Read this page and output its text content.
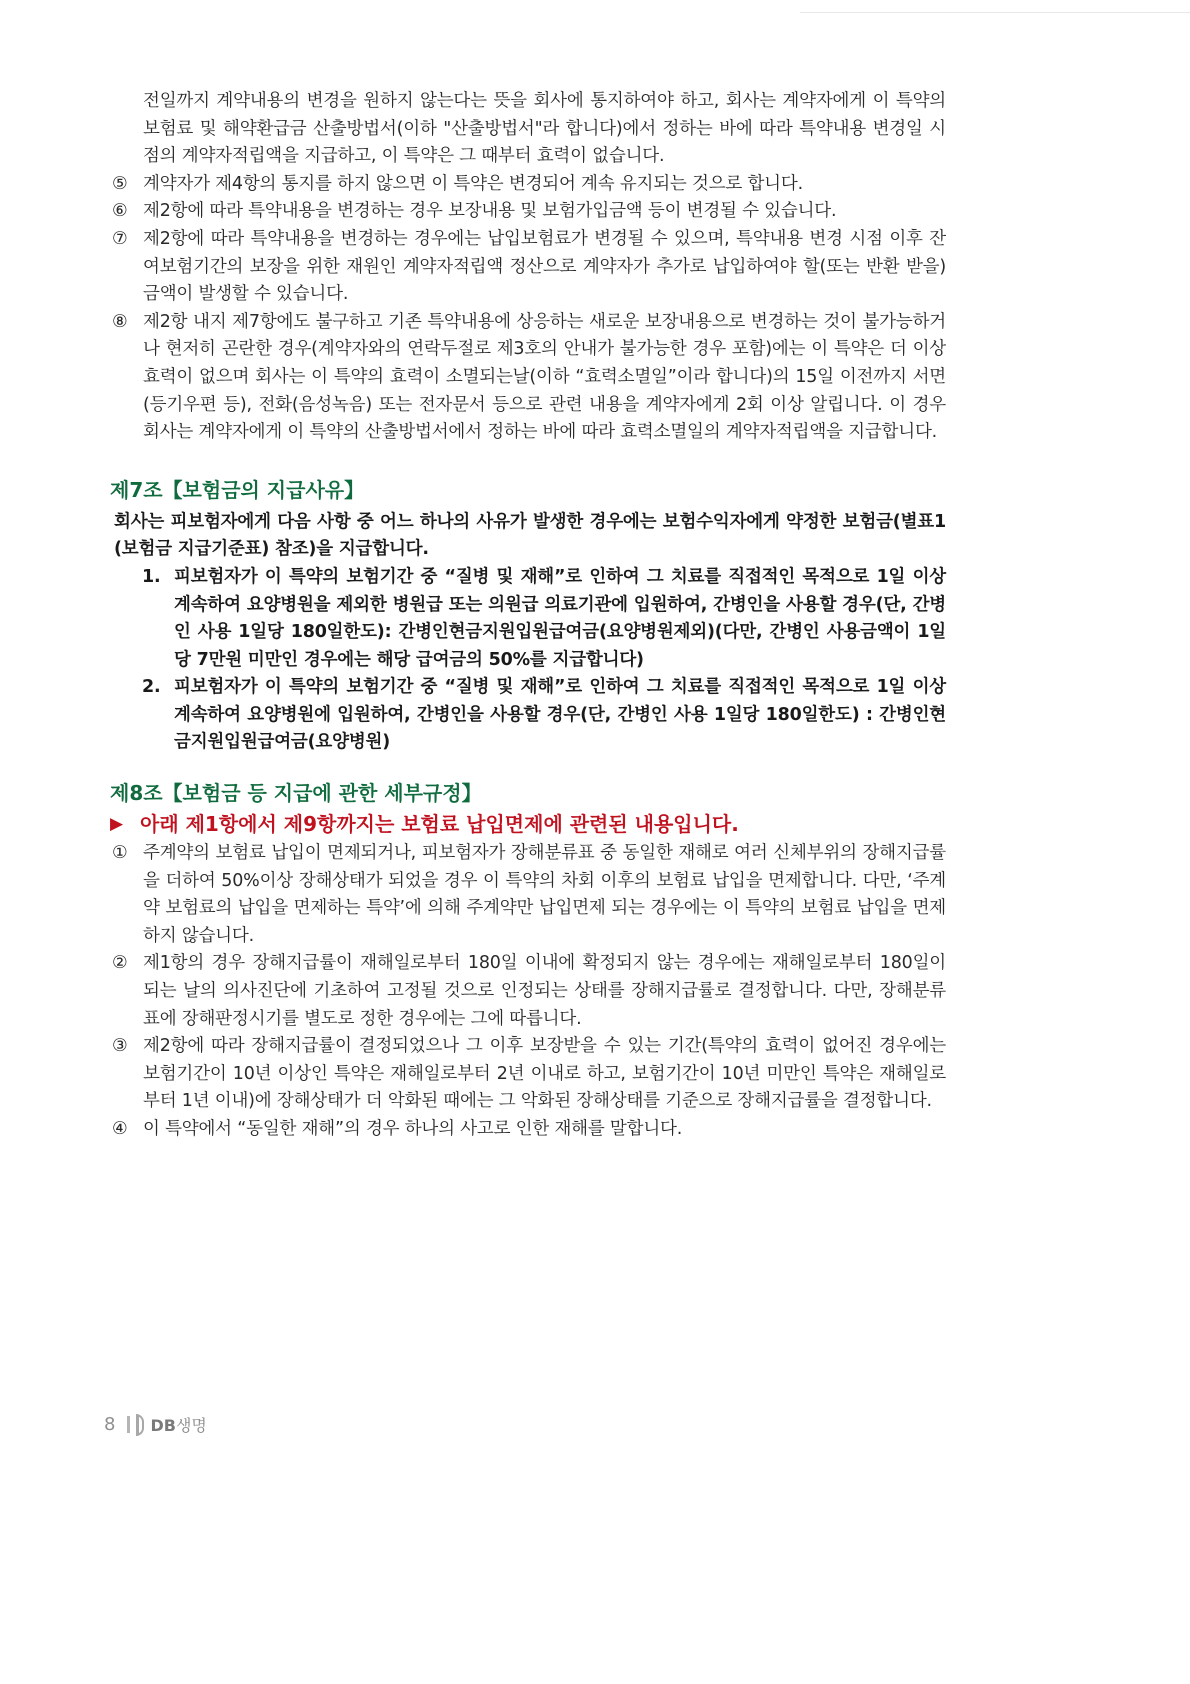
전일까지 계약내용의 변경을 원하지 않는다는 뜻을 회사에 통지하여야 하고, 회사는 계약자에게 이 특약의 보험료 및 해약환급금 산출방법서(이하 "산출방법서"라 합니다)에서 정하는 바에 따라 특약내용 변경일 시점의 계약자적립액을 지급하고, 이 특약은 그 때부터 효력이 없습니다.
⑤ 계약자가 제4항의 통지를 하지 않으면 이 특약은 변경되어 계속 유지되는 것으로 합니다.
⑥ 제2항에 따라 특약내용을 변경하는 경우 보장내용 및 보험가입금액 등이 변경될 수 있습니다.
⑦ 제2항에 따라 특약내용을 변경하는 경우에는 납입보험료가 변경될 수 있으며, 특약내용 변경 시점 이후 잔여보험기간의 보장을 위한 재원인 계약자적립액 정산으로 계약자가 추가로 납입하여야 할(또는 반환 받을) 금액이 발생할 수 있습니다.
⑧ 제2항 내지 제7항에도 불구하고 기존 특약내용에 상응하는 새로운 보장내용으로 변경하는 것이 불가능하거나 현저히 곤란한 경우(계약자와의 연락두절로 제3호의 안내가 불가능한 경우 포함)에는 이 특약은 더 이상 효력이 없으며 회사는 이 특약의 효력이 소멸되는날(이하 “효력소멸일”이라 합니다)의 15일 이전까지 서면(등기우편 등), 전화(음성녹음) 또는 전자문서 등으로 관련 내용을 계약자에게 2회 이상 알립니다. 이 경우 회사는 계약자에게 이 특약의 산출방법서에서 정하는 바에 따라 효력소멸일의 계약자적립액을 지급합니다.
제7조【보험금의 지급사유】
회사는 피보험자에게 다음 사항 중 어느 하나의 사유가 발생한 경우에는 보험수익자에게 약정한 보험금(별표1 (보험금 지급기준표) 참조)을 지급합니다.
1. 피보험자가 이 특약의 보험기간 중 “질병 및 재해”로 인하여 그 치료를 직접적인 목적으로 1일 이상 계속하여 요양병원을 제외한 병원급 또는 의원급 의료기관에 입원하여, 간병인을 사용할 경우(단, 간병인 사용 1일당 180일한도): 간병인현금지원입원급여금(요양병원제외)(다만, 간병인 사용금액이 1일당 7만원 미만인 경우에는 해당 급여금의 50%를 지급합니다)
2. 피보험자가 이 특약의 보험기간 중 “질병 및 재해”로 인하여 그 치료를 직접적인 목적으로 1일 이상 계속하여 요양병원에 입원하여, 간병인을 사용할 경우(단, 간병인 사용 1일당 180일한도) : 간병인현금지원입원급여금(요양병원)
제8조【보험금 등 지급에 관한 세부규정】
▶ 아래 제1항에서 제9항까지는 보험료 납입면제에 관련된 내용입니다.
① 주계약의 보험료 납입이 면제되거나, 피보험자가 장해분류표 중 동일한 재해로 여러 신체부위의 장해지급률을 더하여 50%이상 장해상태가 되었을 경우 이 특약의 차회 이후의 보험료 납입을 면제합니다. 다만, ‘주계약 보험료의 납입을 면제하는 특약’에 의해 주계약만 납입면제 되는 경우에는 이 특약의 보험료 납입을 면제하지 않습니다.
② 제1항의 경우 장해지급률이 재해일로부터 180일 이내에 확정되지 않는 경우에는 재해일로부터 180일이 되는 날의 의사진단에 기초하여 고정될 것으로 인정되는 상태를 장해지급률로 결정합니다. 다만, 장해분류표에 장해판정시기를 별도로 정한 경우에는 그에 따릅니다.
③ 제2항에 따라 장해지급률이 결정되었으나 그 이후 보장받을 수 있는 기간(특약의 효력이 없어진 경우에는 보험기간이 10년 이상인 특약은 재해일로부터 2년 이내로 하고, 보험기간이 10년 미만인 특약은 재해일로부터 1년 이내)에 장해상태가 더 악화된 때에는 그 악화된 장해상태를 기준으로 장해지급률을 결정합니다.
④ 이 특약에서 “동일한 재해”의 경우 하나의 사고로 인한 재해를 말합니다.
8 DB생명
